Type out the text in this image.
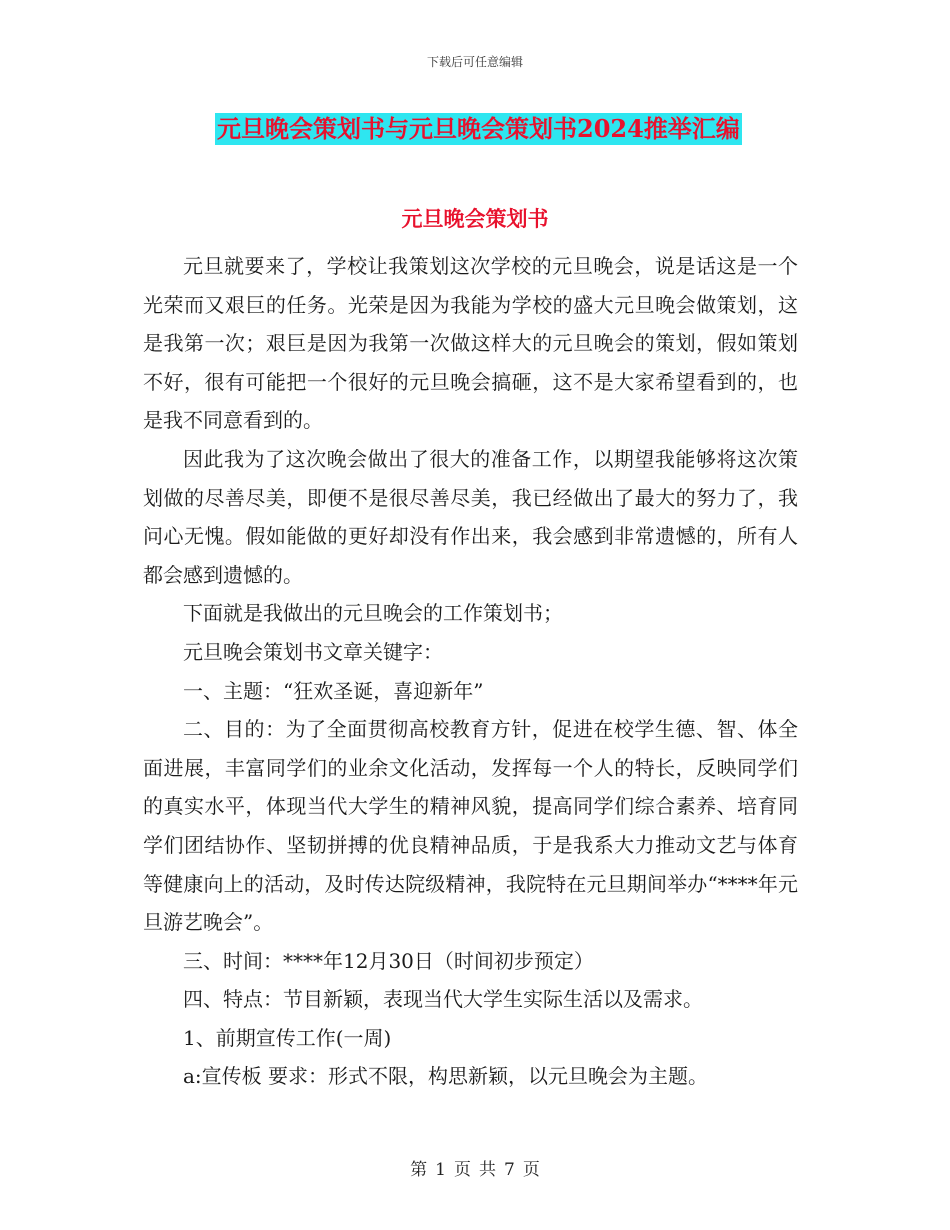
下载后可任意编辑
元旦晚会策划书与元旦晚会策划书2024推举汇编
元旦晚会策划书

元旦就要来了，学校让我策划这次学校的元旦晚会，说是话这是一个光荣而又艰巨的任务。光荣是因为我能为学校的盛大元旦晚会做策划，这是我第一次；艰巨是因为我第一次做这样大的元旦晚会的策划，假如策划不好，很有可能把一个很好的元旦晚会搞砸，这不是大家希望看到的，也是我不同意看到的。

因此我为了这次晚会做出了很大的准备工作，以期望我能够将这次策划做的尽善尽美，即便不是很尽善尽美，我已经做出了最大的努力了，我问心无愧。假如能做的更好却没有作出来，我会感到非常遗憾的，所有人都会感到遗憾的。

下面就是我做出的元旦晚会的工作策划书；

元旦晚会策划书文章关键字：

一、主题：“狂欢圣诞，喜迎新年”

二、目的：为了全面贯彻高校教育方针，促进在校学生德、智、体全面进展，丰富同学们的业余文化活动，发挥每一个人的特长，反映同学们的真实水平，体现当代大学生的精神风貌，提高同学们综合素养、培育同学们团结协作、坚韧拼搏的优良精神品质，于是我系大力推动文艺与体育等健康向上的活动，及时传达院级精神，我院特在元旦期间举办“****年元旦游艺晚会”。

三、时间：****年12月30日（时间初步预定）

四、特点：节目新颖，表现当代大学生实际生活以及需求。

1、前期宣传工作(一周)

a:宣传板 要求：形式不限，构思新颖，以元旦晚会为主题。

第 1 页 共 7 页
